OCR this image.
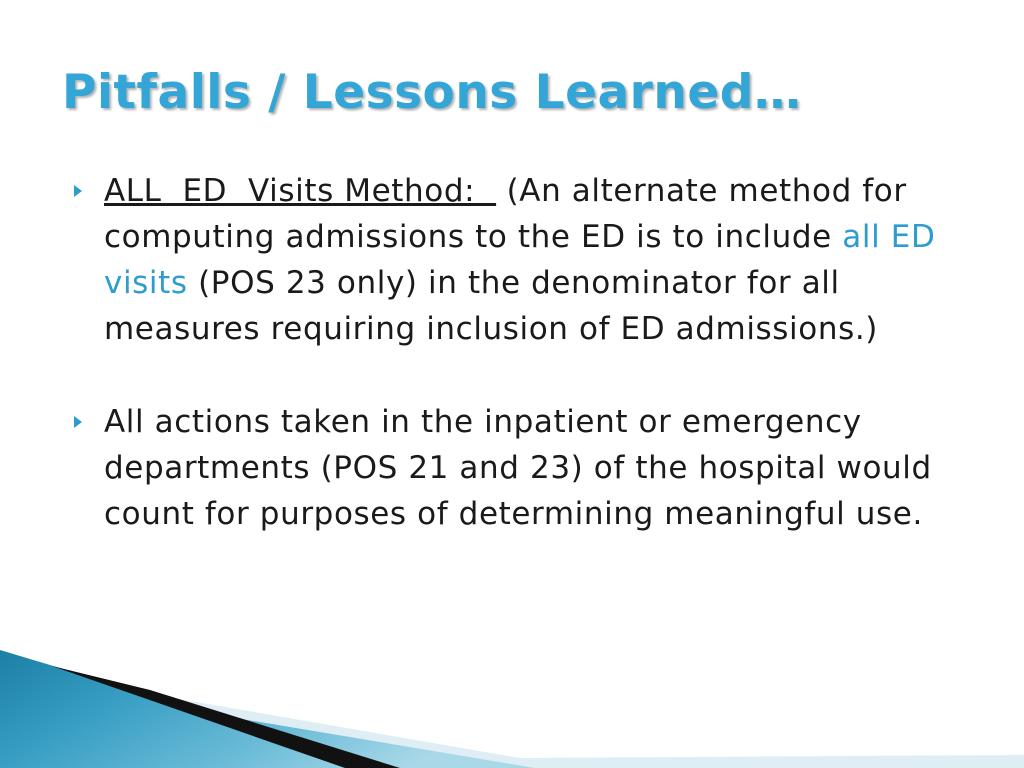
Pitfalls / Lessons Learned…
ALL  ED  Visits Method:   (An alternate method for computing admissions to the ED is to include all ED visits (POS 23 only) in the denominator for all measures requiring inclusion of ED admissions.)
All actions taken in the inpatient or emergency departments (POS 21 and 23) of the hospital would count for purposes of determining meaningful use.
